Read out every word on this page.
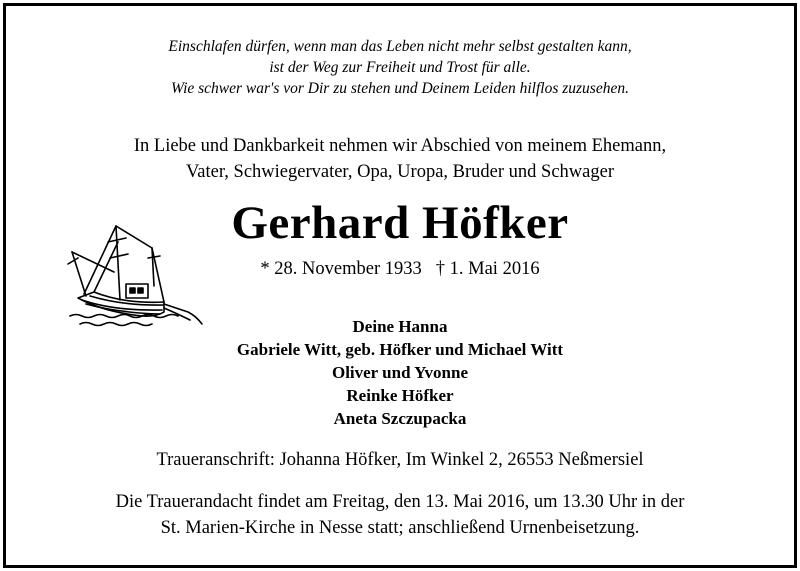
Einschlafen dürfen, wenn man das Leben nicht mehr selbst gestalten kann,
ist der Weg zur Freiheit und Trost für alle.
Wie schwer war's vor Dir zu stehen und Deinem Leiden hilflos zuzusehen.
In Liebe und Dankbarkeit nehmen wir Abschied von meinem Ehemann,
Vater, Schwiegervater, Opa, Uropa, Bruder und Schwager
Gerhard Höfker
* 28. November 1933 † 1. Mai 2016
Deine Hanna
Gabriele Witt, geb. Höfker und Michael Witt
Oliver und Yvonne
Reinke Höfker
Aneta Szczupacka
Traueranschrift: Johanna Höfker, Im Winkel 2, 26553 Neßmersiel
Die Trauerandacht findet am Freitag, den 13. Mai 2016, um 13.30 Uhr in der
St. Marien-Kirche in Nesse statt; anschließend Urnenbeisetzung.
